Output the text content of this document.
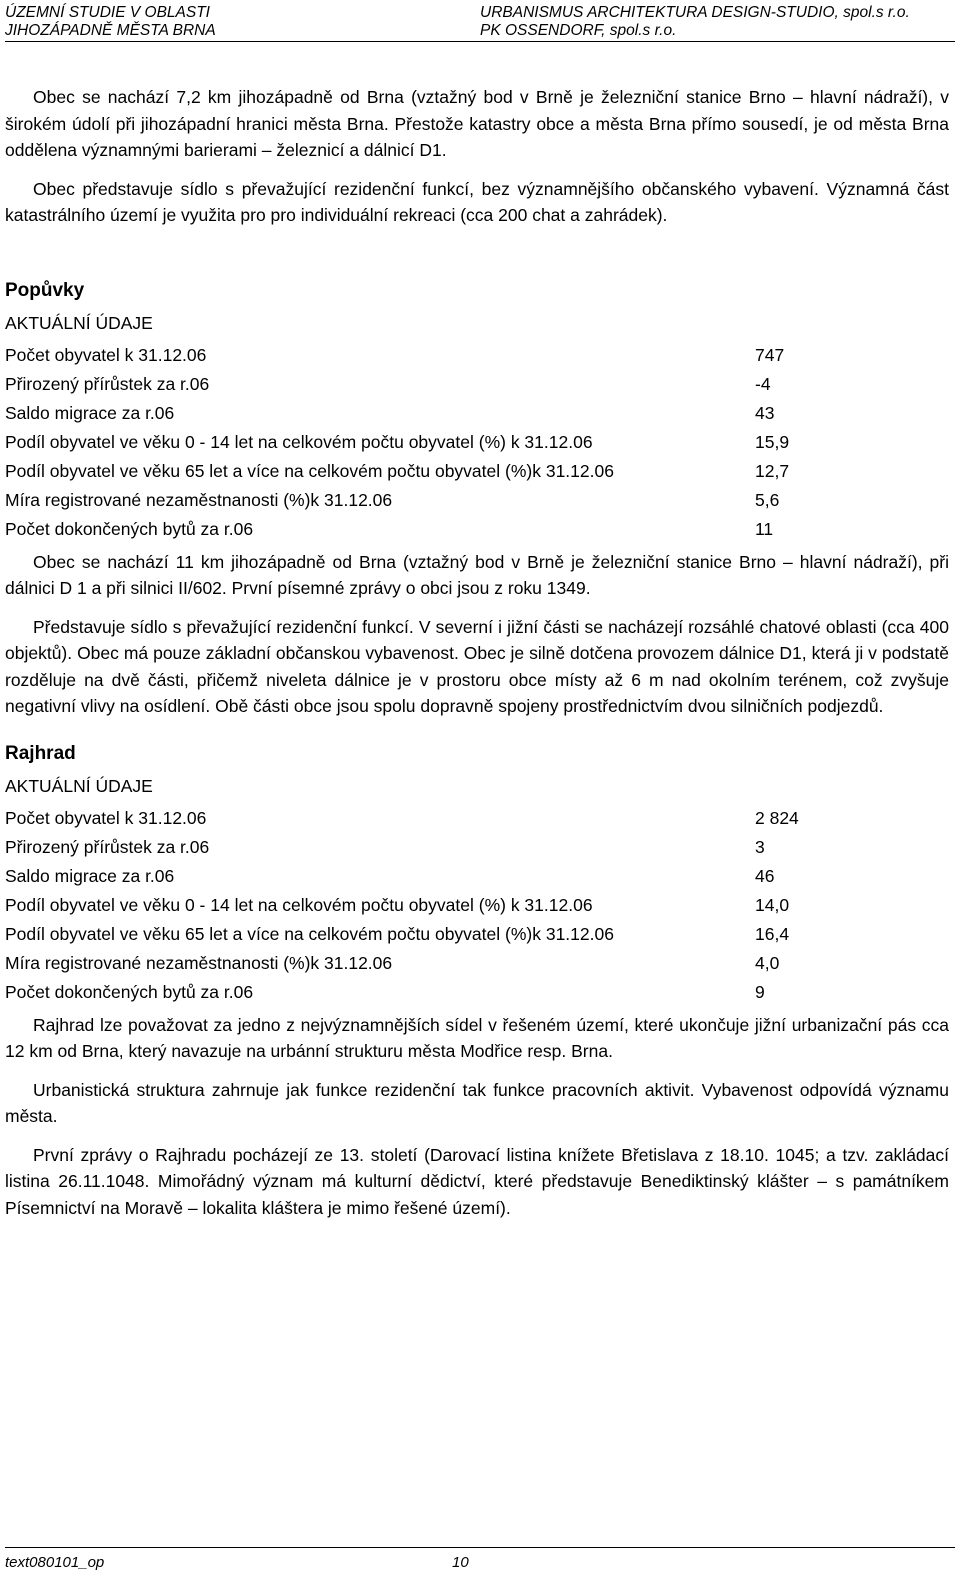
ÚZEMNÍ STUDIE V OBLASTI
JIHOZÁPADNĚ MĚSTA BRNA
URBANISMUS ARCHITEKTURA DESIGN-STUDIO, spol.s r.o.
PK OSSENDORF, spol.s r.o.

Obec se nachází 7,2 km jihozápadně od Brna (vztažný bod v Brně je železniční stanice Brno – hlavní nádraží), v širokém údolí při jihozápadní hranici města Brna. Přestože katastry obce a města Brna přímo sousedí, je od města Brna oddělena významnými barierami – železnicí a dálnicí D1.

Obec představuje sídlo s převažující rezidenční funkcí, bez významnějšího občanského vybavení. Významná část katastrálního území je využita pro pro individuální rekreaci (cca 200 chat a zahrádek).

Popůvky
AKTUÁLNÍ ÚDAJE
Počet obyvatel k 31.12.06	747
Přirozený přírůstek za r.06	-4
Saldo migrace za r.06	43
Podíl obyvatel ve věku 0 - 14 let na celkovém počtu obyvatel (%) k 31.12.06	15,9
Podíl obyvatel ve věku 65 let a více na celkovém počtu obyvatel (%)k 31.12.06	12,7
Míra registrované nezaměstnanosti (%)k 31.12.06	5,6
Počet dokončených bytů za r.06	11

Obec se nachází 11 km jihozápadně od Brna (vztažný bod v Brně je železniční stanice Brno – hlavní nádraží), při dálnici D 1 a při silnici II/602. První písemné zprávy o obci jsou z roku 1349.

Představuje sídlo s převažující rezidenční funkcí. V severní i jižní části se nacházejí rozsáhlé chatové oblasti (cca 400 objektů). Obec má pouze základní občanskou vybavenost. Obec je silně dotčena provozem dálnice D1, která ji v podstatě rozděluje na dvě části, přičemž niveleta dálnice je v prostoru obce místy až 6 m nad okolním terénem, což zvyšuje negativní vlivy na osídlení. Obě části obce jsou spolu dopravně spojeny prostřednictvím dvou silničních podjezdů.

Rajhrad
AKTUÁLNÍ ÚDAJE
Počet obyvatel k 31.12.06	2 824
Přirozený přírůstek za r.06	3
Saldo migrace za r.06	46
Podíl obyvatel ve věku 0 - 14 let na celkovém počtu obyvatel (%) k 31.12.06	14,0
Podíl obyvatel ve věku 65 let a více na celkovém počtu obyvatel (%)k 31.12.06	16,4
Míra registrované nezaměstnanosti (%)k 31.12.06	4,0
Počet dokončených bytů za r.06	9

Rajhrad lze považovat za jedno z nejvýznamnějších sídel v řešeném území, které ukončuje jižní urbanizační pás cca 12 km od Brna, který navazuje na urbánní strukturu města Modřice resp. Brna.

Urbanistická struktura zahrnuje jak funkce rezidenční tak funkce pracovních aktivit. Vybavenost odpovídá významu města.

První zprávy o Rajhradu pocházejí ze 13. století (Darovací listina knížete Břetislava z 18.10. 1045; a tzv. zakládací listina 26.11.1048. Mimořádný význam má kulturní dědictví, které představuje Benediktinský klášter – s památníkem Písemnictví na Moravě – lokalita kláštera je mimo řešené území).

text080101_op	10
